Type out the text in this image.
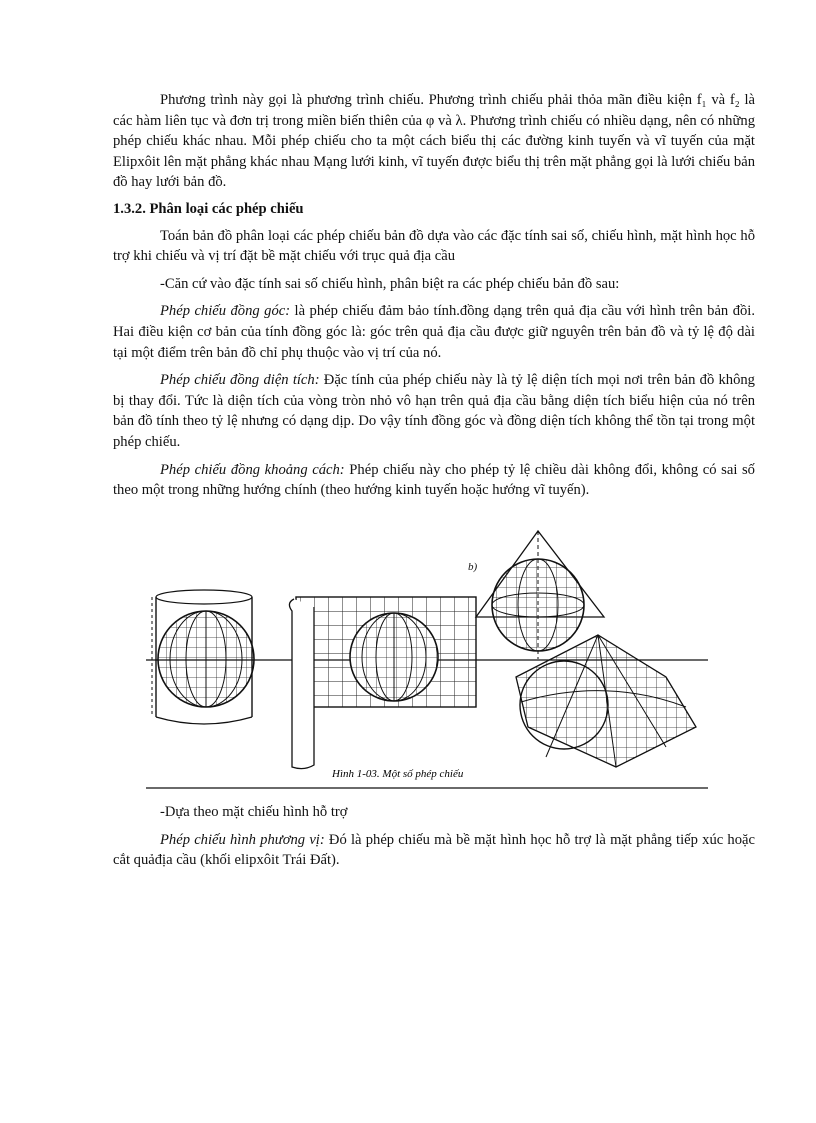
Phương trình này gọi là phương trình chiếu. Phương trình chiếu phải thỏa mãn điều kiện f₁ và f₂ là các hàm liên tục và đơn trị trong miền biến thiên của φ và λ. Phương trình chiếu có nhiều dạng, nên có những phép chiếu khác nhau. Mỗi phép chiếu cho ta một cách biểu thị các đường kinh tuyến và vĩ tuyến của mặt Elipxôit lên mặt phẳng khác nhau Mạng lưới kinh, vĩ tuyến được biểu thị trên mặt phẳng gọi là lưới chiếu bản đồ hay lưới bản đồ.

1.3.2. Phân loại các phép chiếu

Toán bản đồ phân loại các phép chiếu bản đồ dựa vào các đặc tính sai số, chiếu hình, mặt hình học hỗ trợ khi chiếu và vị trí đặt bề mặt chiếu với trục quả địa cầu

-Căn cứ vào đặc tính sai số chiếu hình, phân biệt ra các phép chiếu bản đồ sau:

Phép chiếu đồng góc: là phép chiếu đảm bảo tính.đồng dạng trên quả địa cầu với hình trên bản đồi. Hai điều kiện cơ bản của tính đồng góc là: góc trên quả địa cầu được giữ nguyên trên bản đồ và tỷ lệ độ dài tại một điểm trên bản đồ chỉ phụ thuộc vào vị trí của nó.

Phép chiếu đồng diện tích: Đặc tính của phép chiếu này là tỷ lệ diện tích mọi nơi trên bản đồ không bị thay đổi. Tức là diện tích của vòng tròn nhỏ vô hạn trên quả địa cầu bằng diện tích biểu hiện của nó trên bản đồ tính theo tỷ lệ nhưng có dạng dịp. Do vậy tính đồng góc và đồng diện tích không thể tồn tại trong một phép chiếu.

Phép chiếu đồng khoảng cách: Phép chiếu này cho phép tỷ lệ chiều dài không đổi, không có sai số theo một trong những hướng chính (theo hướng kinh tuyến hoặc hướng vĩ tuyến).

b)
Hình 1-03. Một số phép chiếu

-Dựa theo mặt chiếu hình hỗ trợ

Phép chiếu hình phương vị: Đó là phép chiếu mà bề mặt hình học hỗ trợ là mặt phẳng tiếp xúc hoặc cắt quảđịa cầu (khối elipxôit Trái Đất).
